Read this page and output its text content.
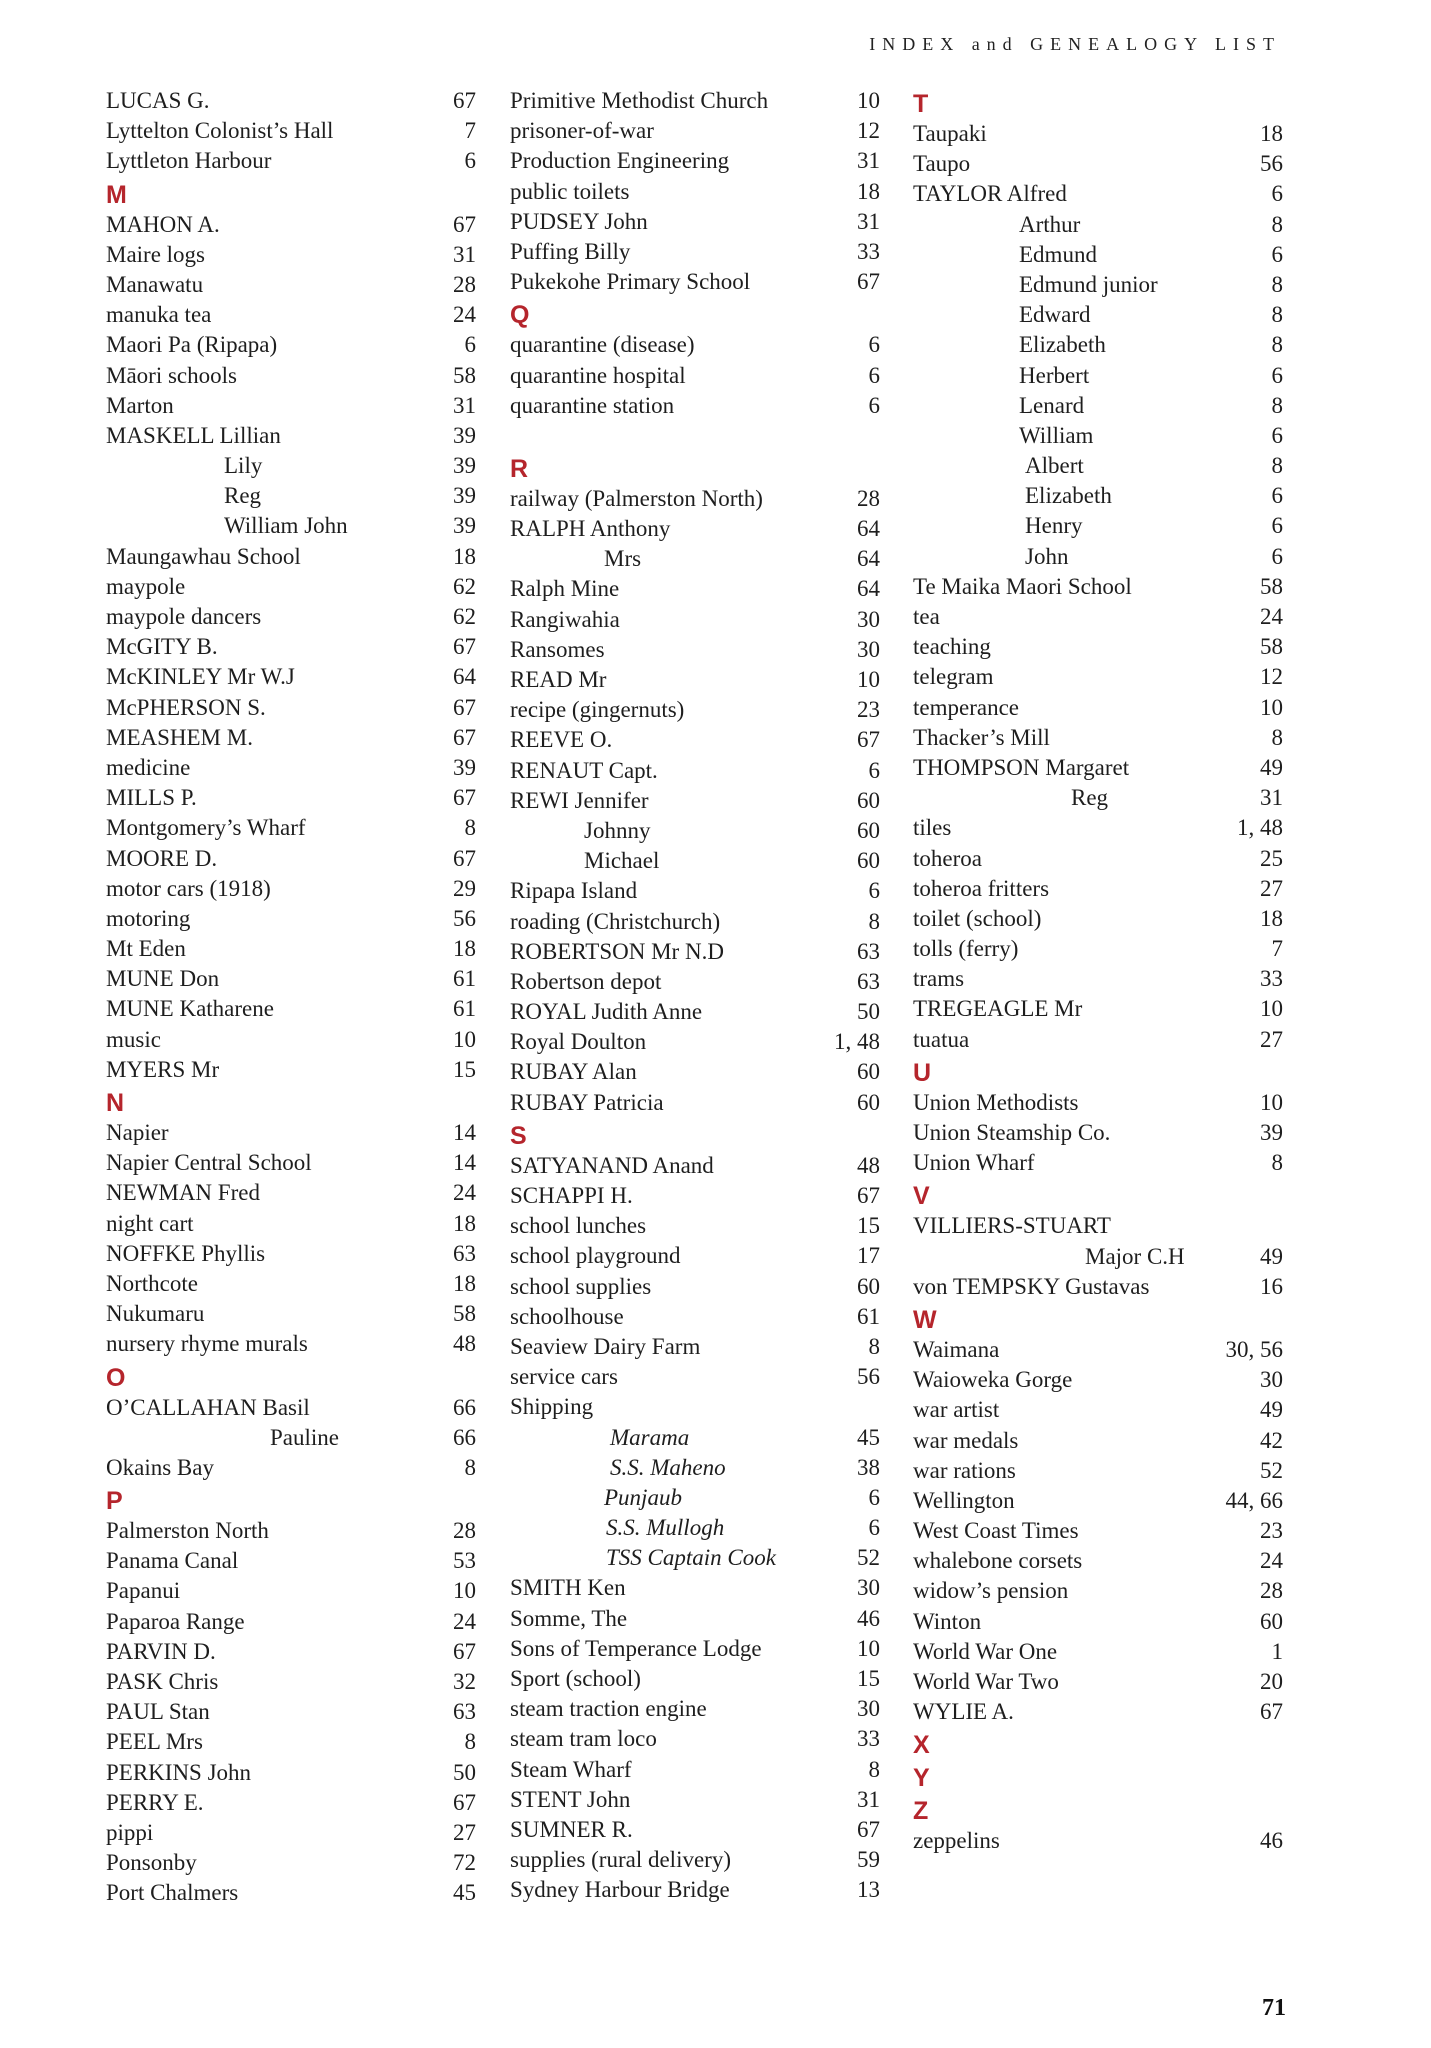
INDEX and GENEALOGY LIST
LUCAS G.	67
Lyttelton Colonist’s Hall	7
Lyttleton Harbour	6
M
MAHON A.	67
Maire logs	31
Manawatu	28
manuka tea	24
Maori Pa (Ripapa)	6
Māori schools	58
Marton	31
MASKELL Lillian	39
Lily	39
Reg	39
William John	39
Maungawhau School	18
maypole	62
maypole dancers	62
McGITY B.	67
McKINLEY Mr W.J	64
McPHERSON S.	67
MEASHEM M.	67
medicine	39
MILLS P.	67
Montgomery’s Wharf	8
MOORE D.	67
motor cars (1918)	29
motoring	56
Mt Eden	18
MUNE Don	61
MUNE Katharene	61
music	10
MYERS Mr	15
N
Napier	14
Napier Central School	14
NEWMAN Fred	24
night cart	18
NOFFKE Phyllis	63
Northcote	18
Nukumaru	58
nursery rhyme murals	48
O
O’CALLAHAN Basil	66
Pauline	66
Okains Bay	8
P
Palmerston North	28
Panama Canal	53
Papanui	10
Paparoa Range	24
PARVIN D.	67
PASK Chris	32
PAUL Stan	63
PEEL Mrs	8
PERKINS John	50
PERRY E.	67
pippi	27
Ponsonby	72
Port Chalmers	45
Primitive Methodist Church	10
prisoner-of-war	12
Production Engineering	31
public toilets	18
PUDSEY John	31
Puffing Billy	33
Pukekohe Primary School	67
Q
quarantine (disease)	6
quarantine hospital	6
quarantine station	6
R
railway (Palmerston North)	28
RALPH Anthony	64
Mrs	64
Ralph Mine	64
Rangiwahia	30
Ransomes	30
READ Mr	10
recipe (gingernuts)	23
REEVE O.	67
RENAUT Capt.	6
REWI Jennifer	60
Johnny	60
Michael	60
Ripapa Island	6
roading (Christchurch)	8
ROBERTSON Mr N.D	63
Robertson depot	63
ROYAL Judith Anne	50
Royal Doulton	1, 48
RUBAY Alan	60
RUBAY Patricia	60
S
SATYANAND Anand	48
SCHAPPI H.	67
school lunches	15
school playground	17
school supplies	60
schoolhouse	61
Seaview Dairy Farm	8
service cars	56
Shipping
Marama	45
S.S. Maheno	38
Punjaub	6
S.S. Mullogh	6
TSS Captain Cook	52
SMITH Ken	30
Somme, The	46
Sons of Temperance Lodge	10
Sport (school)	15
steam traction engine	30
steam tram loco	33
Steam Wharf	8
STENT John	31
SUMNER R.	67
supplies (rural delivery)	59
Sydney Harbour Bridge	13
T
Taupaki	18
Taupo	56
TAYLOR Alfred	6
Arthur	8
Edmund	6
Edmund junior	8
Edward	8
Elizabeth	8
Herbert	6
Lenard	8
William	6
Albert	8
Elizabeth	6
Henry	6
John	6
Te Maika Maori School	58
tea	24
teaching	58
telegram	12
temperance	10
Thacker’s Mill	8
THOMPSON Margaret	49
Reg	31
tiles	1, 48
toheroa	25
toheroa fritters	27
toilet (school)	18
tolls (ferry)	7
trams	33
TREGEAGLE Mr	10
tuatua	27
U
Union Methodists	10
Union Steamship Co.	39
Union Wharf	8
V
VILLIERS-STUART
Major C.H	49
von TEMPSKY Gustavas	16
W
Waimana	30, 56
Waioweka Gorge	30
war artist	49
war medals	42
war rations	52
Wellington	44, 66
West Coast Times	23
whalebone corsets	24
widow’s pension	28
Winton	60
World War One	1
World War Two	20
WYLIE A.	67
X
Y
Z
zeppelins	46
71
